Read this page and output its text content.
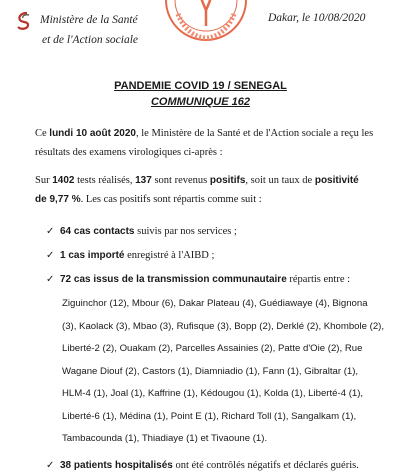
Ministère de la Santé
et de l'Action sociale
Dakar, le 10/08/2020
PANDEMIE COVID 19 / SENEGAL
COMMUNIQUE 162
Ce lundi 10 août 2020, le Ministère de la Santé et de l'Action sociale a reçu les résultats des examens virologiques ci-après :
Sur 1402 tests réalisés, 137 sont revenus positifs, soit un taux de positivité
de 9,77 %. Les cas positifs sont répartis comme suit :
✓ 64 cas contacts suivis par nos services ;
✓ 1 cas importé enregistré à l'AIBD ;
✓ 72 cas issus de la transmission communautaire répartis entre :
Ziguinchor (12), Mbour (6), Dakar Plateau (4), Guédiawaye (4), Bignona
(3), Kaolack (3), Mbao (3), Rufisque (3), Bopp (2), Derklé (2), Khombole (2),
Liberté-2 (2), Ouakam (2), Parcelles Assainies (2), Patte d'Oie (2), Rue
Wagane Diouf (2), Castors (1), Diamniadio (1), Fann (1), Gibraltar (1),
HLM-4 (1), Joal (1), Kaffrine (1), Kédougou (1), Kolda (1), Liberté-4 (1),
Liberté-6 (1), Médina (1), Point E (1), Richard Toll (1), Sangalkam (1),
Tambacounda (1), Thiadiaye (1) et Tivaoune (1).
✓ 38 patients hospitalisés ont été contrôlés négatifs et déclarés guéris.
